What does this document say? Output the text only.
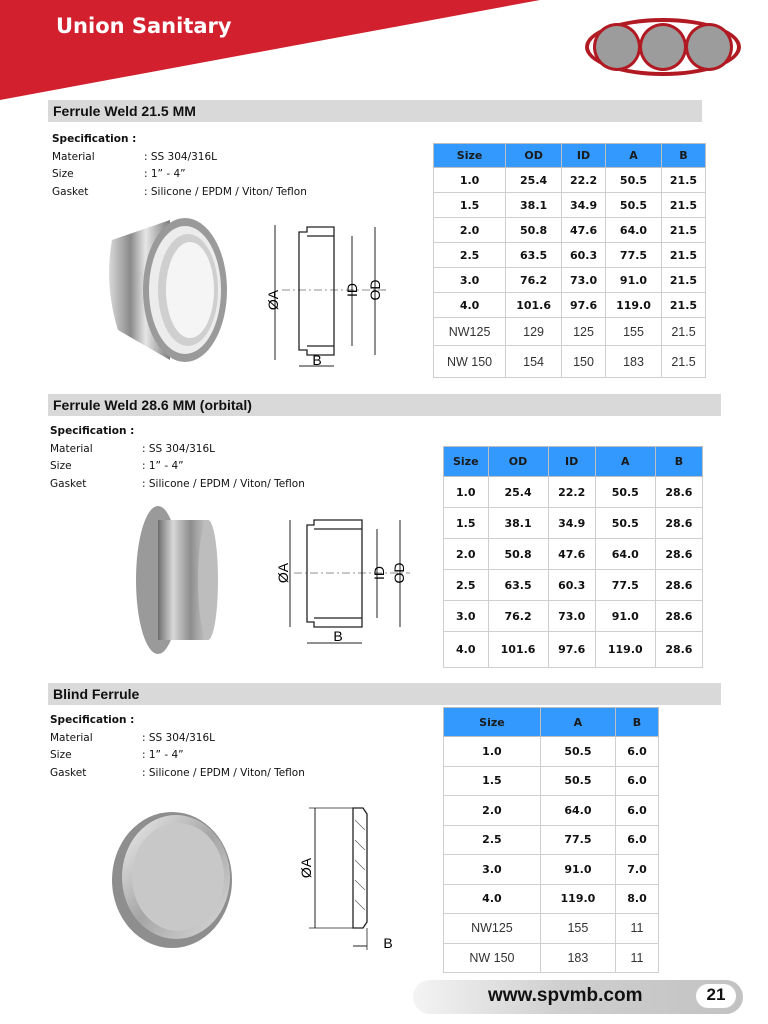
Union Sanitary
Ferrule Weld 21.5 MM
Specification :
Material	: SS 304/316L
Size	: 1” - 4”
Gasket	: Silicone / EPDM / Viton/ Teflon
ØA	ID OD
B
Size	OD	ID	A	B
1.0	25.4	22.2	50.5	21.5
1.5	38.1	34.9	50.5	21.5
2.0	50.8	47.6	64.0	21.5
2.5	63.5	60.3	77.5	21.5
3.0	76.2	73.0	91.0	21.5
4.0	101.6	97.6	119.0	21.5
NW125	129	125	155	21.5
NW 150	154	150	183	21.5
Ferrule Weld 28.6 MM (orbital)
Specification :
Material	: SS 304/316L
Size	: 1” - 4”
Gasket	: Silicone / EPDM / Viton/ Teflon
ØA	ID OD
B
Size	OD	ID	A	B
1.0	25.4	22.2	50.5	28.6
1.5	38.1	34.9	50.5	28.6
2.0	50.8	47.6	64.0	28.6
2.5	63.5	60.3	77.5	28.6
3.0	76.2	73.0	91.0	28.6
4.0	101.6	97.6	119.0	28.6
Blind Ferrule
Specification :
Material	: SS 304/316L
Size	: 1” - 4”
Gasket	: Silicone / EPDM / Viton/ Teflon
ØA
B
Size	A	B
1.0	50.5	6.0
1.5	50.5	6.0
2.0	64.0	6.0
2.5	77.5	6.0
3.0	91.0	7.0
4.0	119.0	8.0
NW125	155	11
NW 150	183	11
www.spvmb.com	21
